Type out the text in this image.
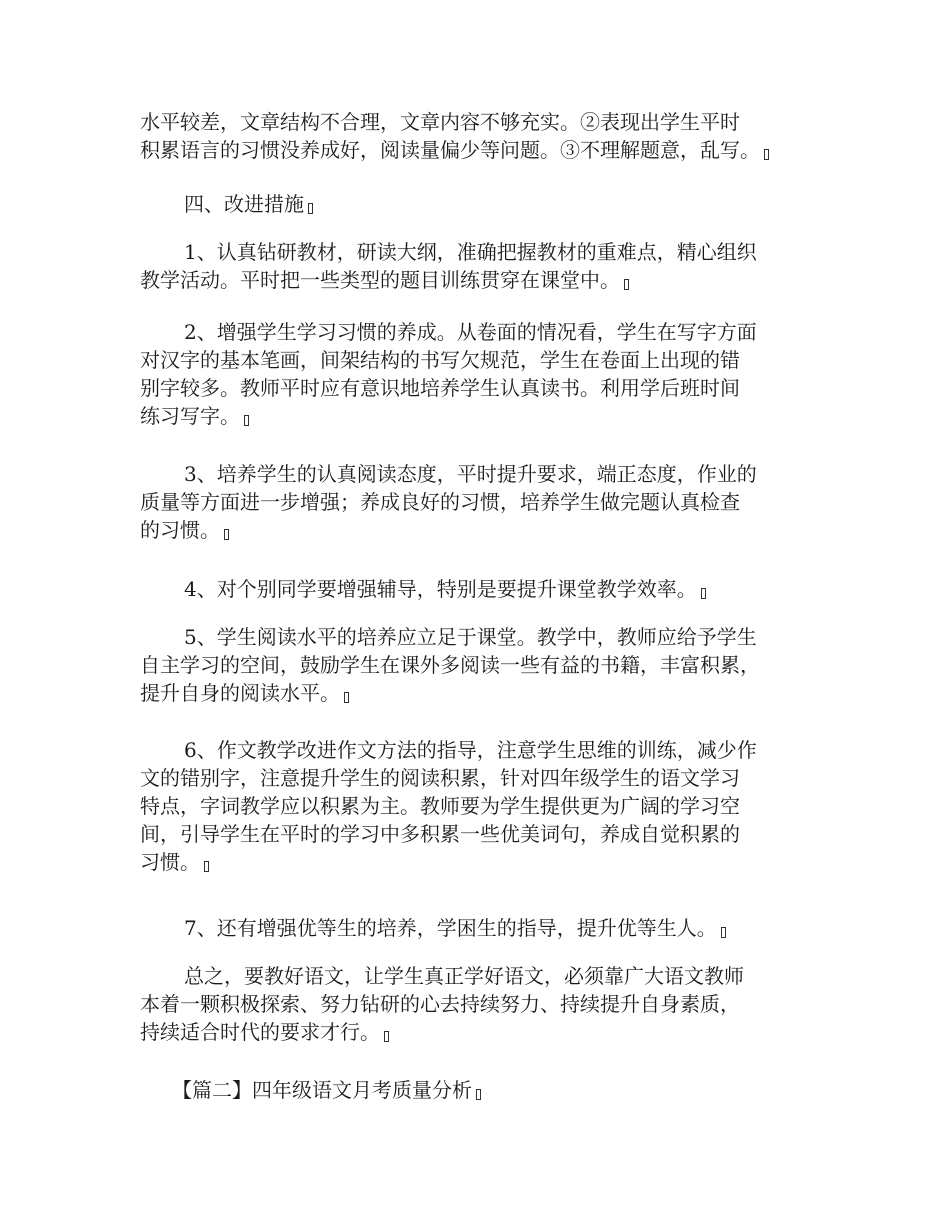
水平较差，文章结构不合理，文章内容不够充实。②表现出学生平时
积累语言的习惯没养成好，阅读量偏少等问题。③不理解题意，乱写。
四、改进措施
1、认真钻研教材，研读大纲，准确把握教材的重难点，精心组织
教学活动。平时把一些类型的题目训练贯穿在课堂中。
2、增强学生学习习惯的养成。从卷面的情况看，学生在写字方面
对汉字的基本笔画，间架结构的书写欠规范，学生在卷面上出现的错
别字较多。教师平时应有意识地培养学生认真读书。利用学后班时间
练习写字。
3、培养学生的认真阅读态度，平时提升要求，端正态度，作业的
质量等方面进一步增强；养成良好的习惯，培养学生做完题认真检查
的习惯。
4、对个别同学要增强辅导，特别是要提升课堂教学效率。
5、学生阅读水平的培养应立足于课堂。教学中，教师应给予学生
自主学习的空间，鼓励学生在课外多阅读一些有益的书籍，丰富积累，
提升自身的阅读水平。
6、作文教学改进作文方法的指导，注意学生思维的训练，减少作
文的错别字，注意提升学生的阅读积累，针对四年级学生的语文学习
特点，字词教学应以积累为主。教师要为学生提供更为广阔的学习空
间，引导学生在平时的学习中多积累一些优美词句，养成自觉积累的
习惯。
7、还有增强优等生的培养，学困生的指导，提升优等生人。
总之，要教好语文，让学生真正学好语文，必须靠广大语文教师
本着一颗积极探索、努力钻研的心去持续努力、持续提升自身素质，
持续适合时代的要求才行。
【篇二】四年级语文月考质量分析
